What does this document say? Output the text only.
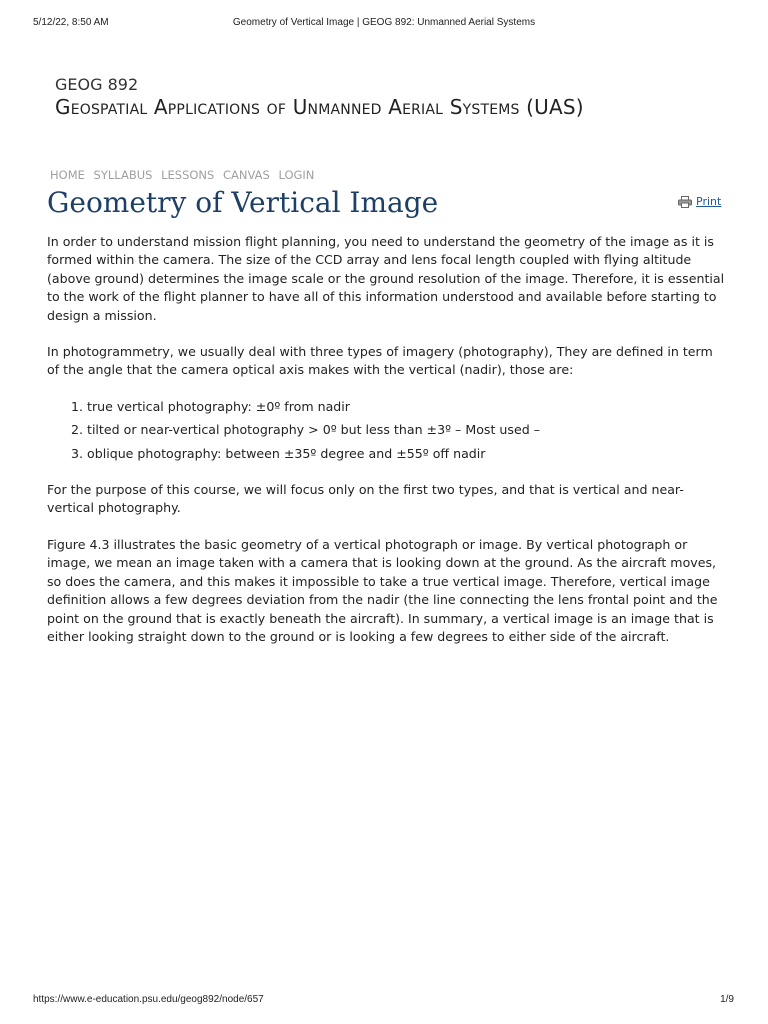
5/12/22, 8:50 AM	Geometry of Vertical Image | GEOG 892: Unmanned Aerial Systems
GEOG 892
Geospatial Applications of Unmanned Aerial Systems (UAS)
HOME SYLLABUS LESSONS CANVAS LOGIN
Geometry of Vertical Image	Print

In order to understand mission flight planning, you need to understand the geometry of the image as it is formed within the camera. The size of the CCD array and lens focal length coupled with flying altitude (above ground) determines the image scale or the ground resolution of the image. Therefore, it is essential to the work of the flight planner to have all of this information understood and available before starting to design a mission.

In photogrammetry, we usually deal with three types of imagery (photography), They are defined in term of the angle that the camera optical axis makes with the vertical (nadir), those are:

1. true vertical photography: ±0º from nadir
2. tilted or near-vertical photography > 0º but less than ±3º – Most used –
3. oblique photography: between ±35º degree and ±55º off nadir

For the purpose of this course, we will focus only on the first two types, and that is vertical and near-vertical photography.

Figure 4.3 illustrates the basic geometry of a vertical photograph or image. By vertical photograph or image, we mean an image taken with a camera that is looking down at the ground. As the aircraft moves, so does the camera, and this makes it impossible to take a true vertical image. Therefore, vertical image definition allows a few degrees deviation from the nadir (the line connecting the lens frontal point and the point on the ground that is exactly beneath the aircraft). In summary, a vertical image is an image that is either looking straight down to the ground or is looking a few degrees to either side of the aircraft.

https://www.e-education.psu.edu/geog892/node/657	1/9
